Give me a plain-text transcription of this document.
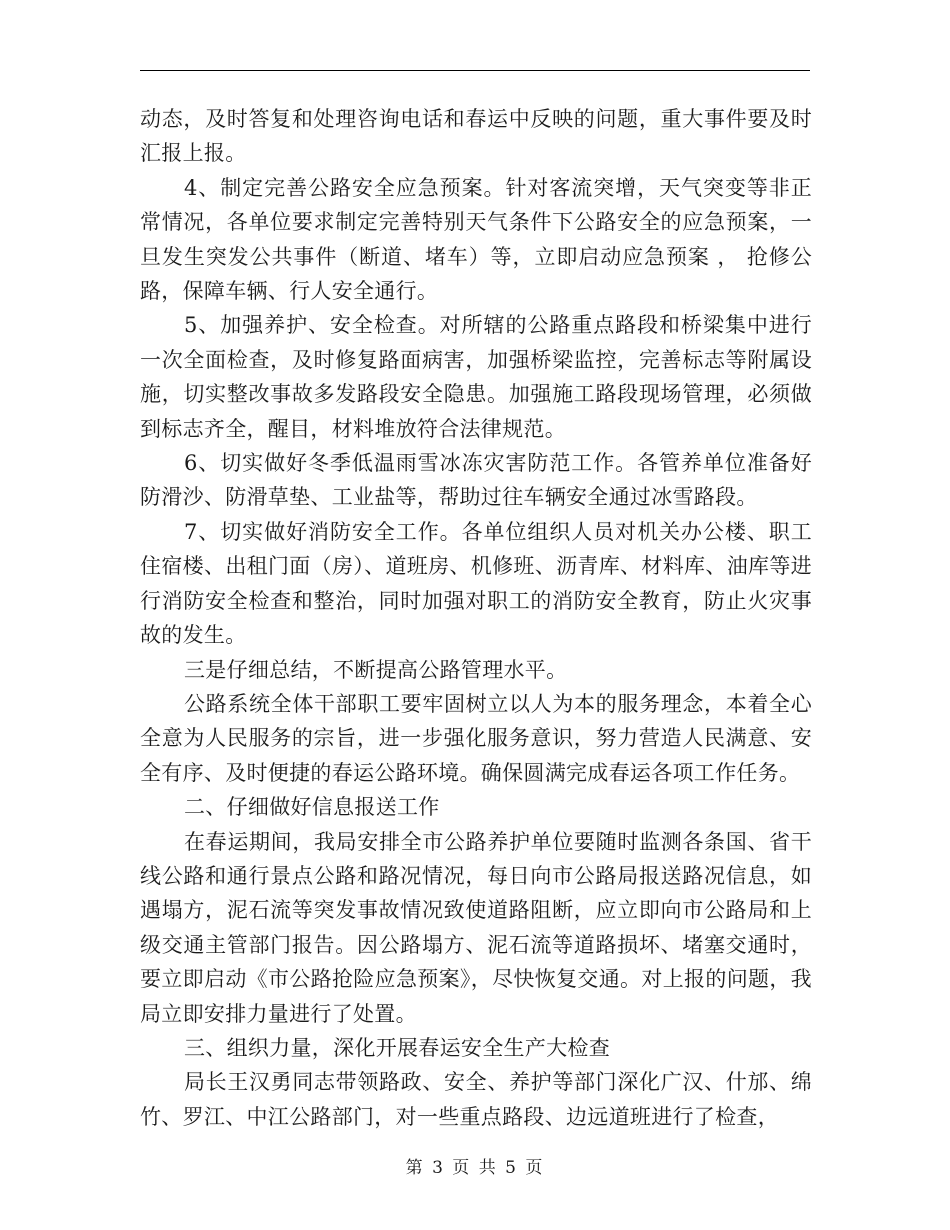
动态，及时答复和处理咨询电话和春运中反映的问题，重大事件要及时汇报上报。

4、制定完善公路安全应急预案。针对客流突增，天气突变等非正常情况，各单位要求制定完善特别天气条件下公路安全的应急预案，一旦发生突发公共事件（断道、堵车）等，立即启动应急预案 ， 抢修公路，保障车辆、行人安全通行。

5、加强养护、安全检查。对所辖的公路重点路段和桥梁集中进行一次全面检查，及时修复路面病害，加强桥梁监控，完善标志等附属设施，切实整改事故多发路段安全隐患。加强施工路段现场管理，必须做到标志齐全，醒目，材料堆放符合法律规范。

6、切实做好冬季低温雨雪冰冻灾害防范工作。各管养单位准备好防滑沙、防滑草垫、工业盐等，帮助过往车辆安全通过冰雪路段。

7、切实做好消防安全工作。各单位组织人员对机关办公楼、职工住宿楼、出租门面（房）、道班房、机修班、沥青库、材料库、油库等进行消防安全检查和整治，同时加强对职工的消防安全教育，防止火灾事故的发生。

三是仔细总结，不断提高公路管理水平。

公路系统全体干部职工要牢固树立以人为本的服务理念，本着全心全意为人民服务的宗旨，进一步强化服务意识，努力营造人民满意、安全有序、及时便捷的春运公路环境。确保圆满完成春运各项工作任务。

二、仔细做好信息报送工作

在春运期间，我局安排全市公路养护单位要随时监测各条国、省干线公路和通行景点公路和路况情况，每日向市公路局报送路况信息，如遇塌方，泥石流等突发事故情况致使道路阻断，应立即向市公路局和上级交通主管部门报告。因公路塌方、泥石流等道路损坏、堵塞交通时，要立即启动《市公路抢险应急预案》，尽快恢复交通。对上报的问题，我局立即安排力量进行了处置。

三、组织力量，深化开展春运安全生产大检查

局长王汉勇同志带领路政、安全、养护等部门深化广汉、什邡、绵竹、罗江、中江公路部门，对一些重点路段、边远道班进行了检查，

第 3 页 共 5 页
